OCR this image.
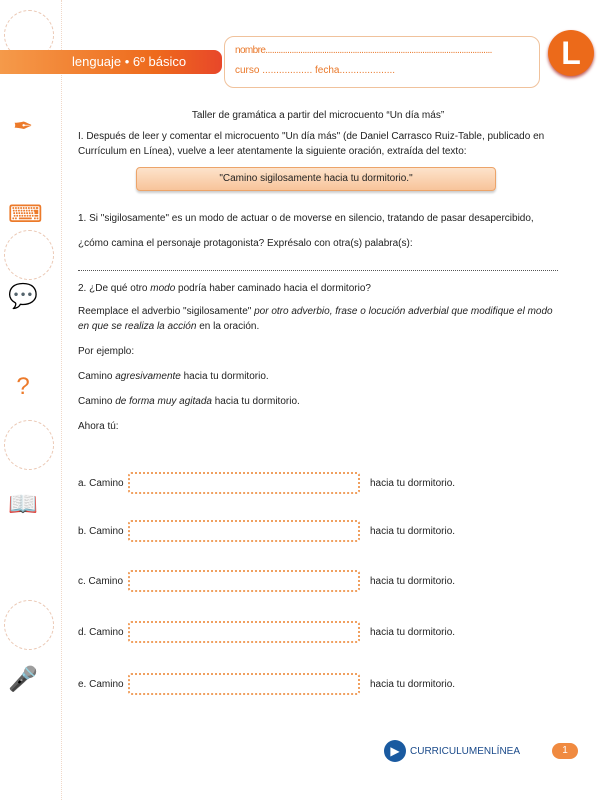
✒
⌨
💬
?
📖
🎤
lenguaje • 6º básico
nombre........................................................................................................
curso .................. fecha....................	L
Taller de gramática a partir del microcuento “Un día más”
I. Después de leer y comentar el microcuento "Un día más" (de Daniel Carrasco Ruiz-Table, publicado en Currículum en Línea), vuelve a leer atentamente la siguiente oración, extraída del texto:
"Camino sigilosamente hacia tu dormitorio."
1. Si "sigilosamente" es un modo de actuar o de moverse en silencio, tratando de pasar desapercibido,
¿cómo camina el personaje protagonista? Exprésalo con otra(s) palabra(s):
2. ¿De qué otro modo podría haber caminado hacia el dormitorio?
Reemplace el adverbio "sigilosamente" por otro adverbio, frase o locución adverbial que modifique el modo en que se realiza la acción en la oración.
Por ejemplo:
Camino agresivamente hacia tu dormitorio.
Camino de forma muy agitada hacia tu dormitorio.
Ahora tú:
a. Camino	hacia tu dormitorio.
b. Camino	hacia tu dormitorio.
c. Camino	hacia tu dormitorio.
d. Camino	hacia tu dormitorio.
e. Camino	hacia tu dormitorio.
▶	CURRICULUMENLÍNEA	1
